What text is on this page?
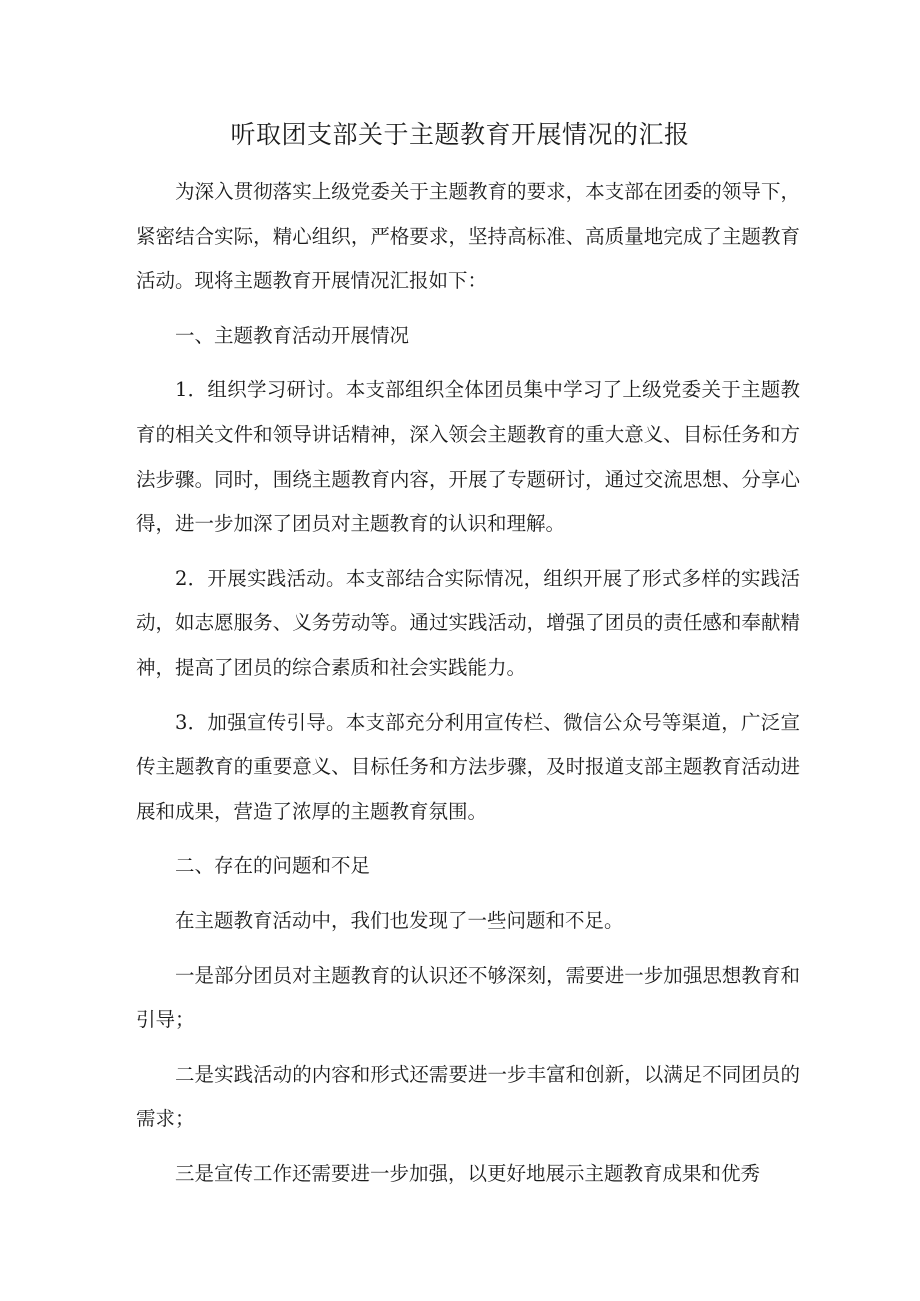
听取团支部关于主题教育开展情况的汇报

为深入贯彻落实上级党委关于主题教育的要求，本支部在团委的领导下，紧密结合实际，精心组织，严格要求，坚持高标准、高质量地完成了主题教育活动。现将主题教育开展情况汇报如下：

一、主题教育活动开展情况

1．组织学习研讨。本支部组织全体团员集中学习了上级党委关于主题教育的相关文件和领导讲话精神，深入领会主题教育的重大意义、目标任务和方法步骤。同时，围绕主题教育内容，开展了专题研讨，通过交流思想、分享心得，进一步加深了团员对主题教育的认识和理解。

2．开展实践活动。本支部结合实际情况，组织开展了形式多样的实践活动，如志愿服务、义务劳动等。通过实践活动，增强了团员的责任感和奉献精神，提高了团员的综合素质和社会实践能力。

3．加强宣传引导。本支部充分利用宣传栏、微信公众号等渠道，广泛宣传主题教育的重要意义、目标任务和方法步骤，及时报道支部主题教育活动进展和成果，营造了浓厚的主题教育氛围。

二、存在的问题和不足

在主题教育活动中，我们也发现了一些问题和不足。

一是部分团员对主题教育的认识还不够深刻，需要进一步加强思想教育和引导；

二是实践活动的内容和形式还需要进一步丰富和创新，以满足不同团员的需求；

三是宣传工作还需要进一步加强，以更好地展示主题教育成果和优秀
